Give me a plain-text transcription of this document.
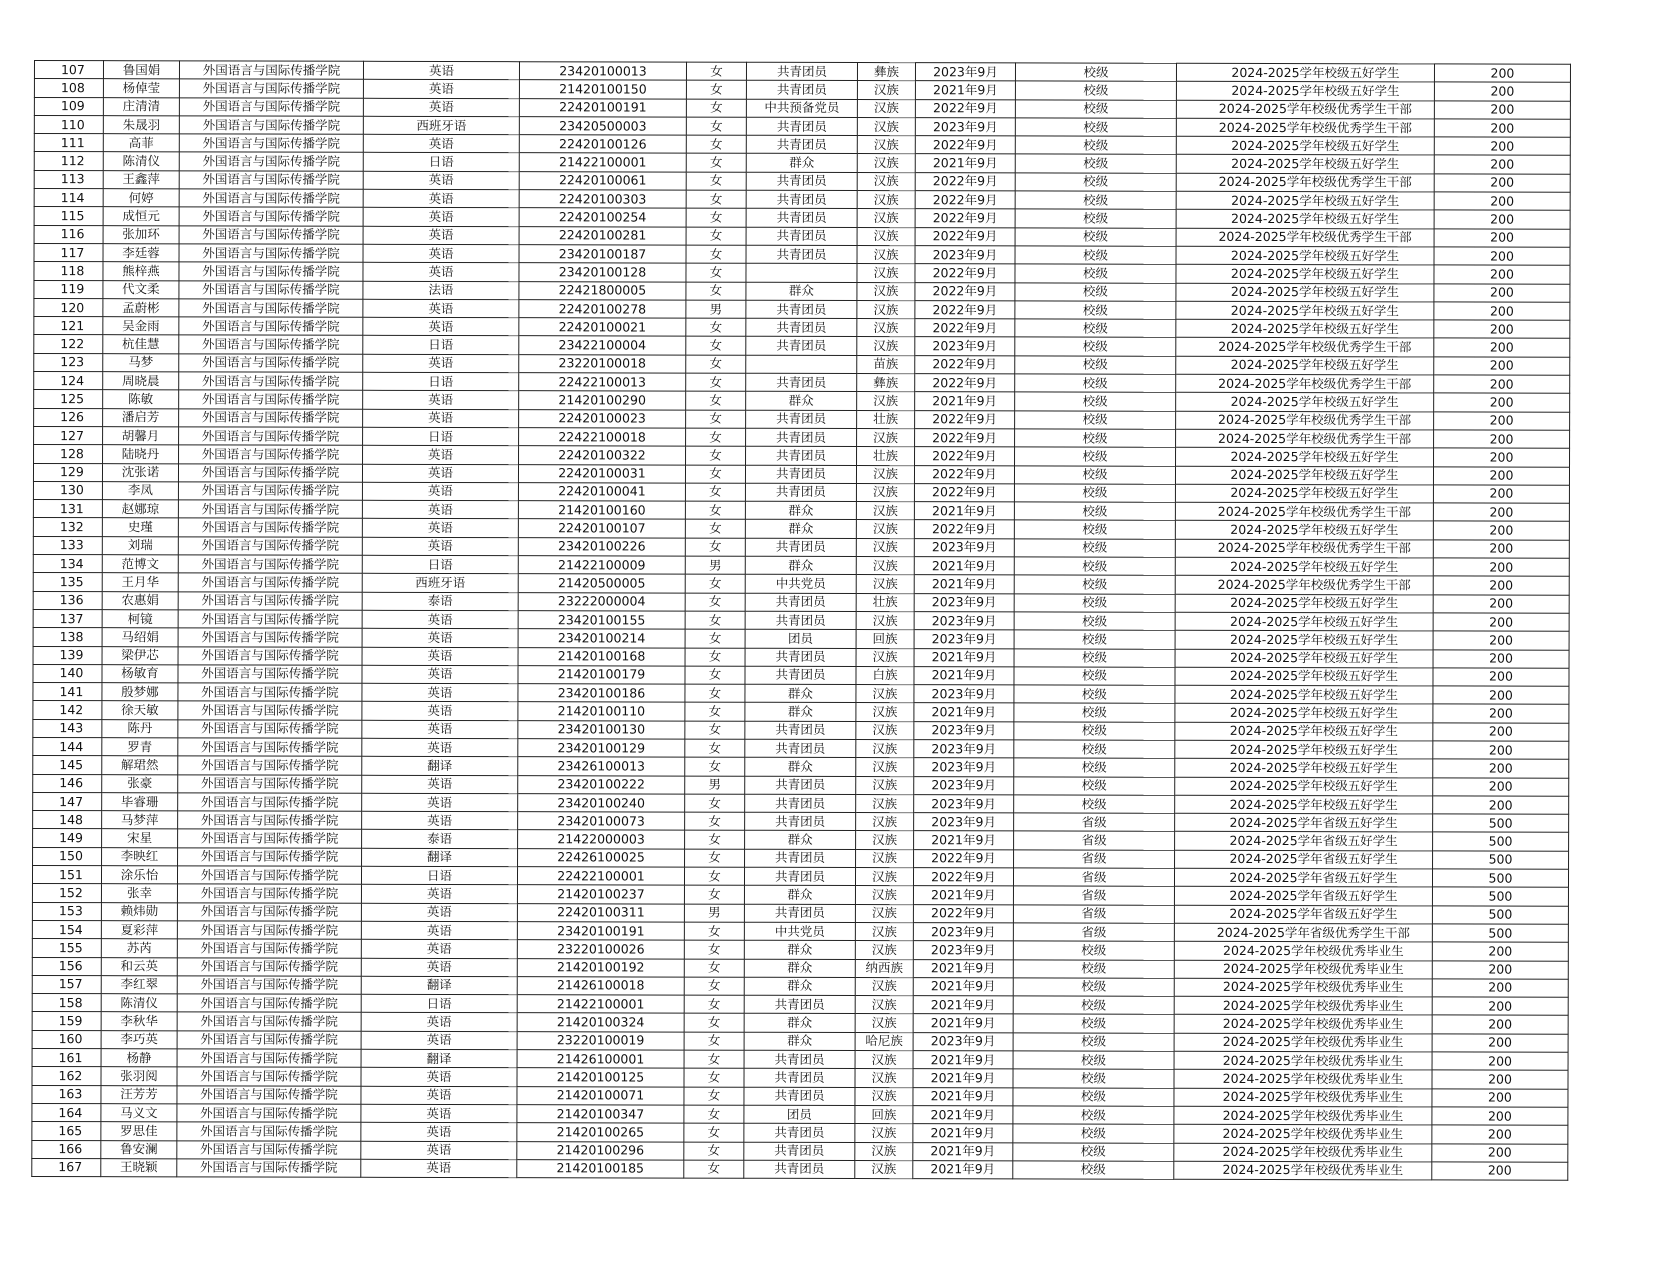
107	鲁国娟	外国语言与国际传播学院	英语	23420100013	女	共青团员	彝族	2023年9月	校级	2024-2025学年校级五好学生	200
108	杨倬莹	外国语言与国际传播学院	英语	21420100150	女	共青团员	汉族	2021年9月	校级	2024-2025学年校级五好学生	200
109	庄清清	外国语言与国际传播学院	英语	22420100191	女	中共预备党员	汉族	2022年9月	校级	2024-2025学年校级优秀学生干部	200
110	朱晟羽	外国语言与国际传播学院	西班牙语	23420500003	女	共青团员	汉族	2023年9月	校级	2024-2025学年校级优秀学生干部	200
111	高菲	外国语言与国际传播学院	英语	22420100126	女	共青团员	汉族	2022年9月	校级	2024-2025学年校级五好学生	200
112	陈清仪	外国语言与国际传播学院	日语	21422100001	女	群众	汉族	2021年9月	校级	2024-2025学年校级五好学生	200
113	王鑫萍	外国语言与国际传播学院	英语	22420100061	女	共青团员	汉族	2022年9月	校级	2024-2025学年校级优秀学生干部	200
114	何婷	外国语言与国际传播学院	英语	22420100303	女	共青团员	汉族	2022年9月	校级	2024-2025学年校级五好学生	200
115	成恒元	外国语言与国际传播学院	英语	22420100254	女	共青团员	汉族	2022年9月	校级	2024-2025学年校级五好学生	200
116	张加环	外国语言与国际传播学院	英语	22420100281	女	共青团员	汉族	2022年9月	校级	2024-2025学年校级优秀学生干部	200
117	李廷蓉	外国语言与国际传播学院	英语	23420100187	女	共青团员	汉族	2023年9月	校级	2024-2025学年校级五好学生	200
118	熊梓燕	外国语言与国际传播学院	英语	23420100128	女		汉族	2022年9月	校级	2024-2025学年校级五好学生	200
119	代文柔	外国语言与国际传播学院	法语	22421800005	女	群众	汉族	2022年9月	校级	2024-2025学年校级五好学生	200
120	孟蔚彬	外国语言与国际传播学院	英语	22420100278	男	共青团员	汉族	2022年9月	校级	2024-2025学年校级五好学生	200
121	吴金雨	外国语言与国际传播学院	英语	22420100021	女	共青团员	汉族	2022年9月	校级	2024-2025学年校级五好学生	200
122	杭佳慧	外国语言与国际传播学院	日语	23422100004	女	共青团员	汉族	2023年9月	校级	2024-2025学年校级优秀学生干部	200
123	马梦	外国语言与国际传播学院	英语	23220100018	女		苗族	2022年9月	校级	2024-2025学年校级五好学生	200
124	周晓晨	外国语言与国际传播学院	日语	22422100013	女	共青团员	彝族	2022年9月	校级	2024-2025学年校级优秀学生干部	200
125	陈敏	外国语言与国际传播学院	英语	21420100290	女	群众	汉族	2021年9月	校级	2024-2025学年校级五好学生	200
126	潘启芳	外国语言与国际传播学院	英语	22420100023	女	共青团员	壮族	2022年9月	校级	2024-2025学年校级优秀学生干部	200
127	胡馨月	外国语言与国际传播学院	日语	22422100018	女	共青团员	汉族	2022年9月	校级	2024-2025学年校级优秀学生干部	200
128	陆晓丹	外国语言与国际传播学院	英语	22420100322	女	共青团员	壮族	2022年9月	校级	2024-2025学年校级五好学生	200
129	沈张诺	外国语言与国际传播学院	英语	22420100031	女	共青团员	汉族	2022年9月	校级	2024-2025学年校级五好学生	200
130	李凤	外国语言与国际传播学院	英语	22420100041	女	共青团员	汉族	2022年9月	校级	2024-2025学年校级五好学生	200
131	赵娜琼	外国语言与国际传播学院	英语	21420100160	女	群众	汉族	2021年9月	校级	2024-2025学年校级优秀学生干部	200
132	史瑾	外国语言与国际传播学院	英语	22420100107	女	群众	汉族	2022年9月	校级	2024-2025学年校级五好学生	200
133	刘瑞	外国语言与国际传播学院	英语	23420100226	女	共青团员	汉族	2023年9月	校级	2024-2025学年校级优秀学生干部	200
134	范博文	外国语言与国际传播学院	日语	21422100009	男	群众	汉族	2021年9月	校级	2024-2025学年校级五好学生	200
135	王月华	外国语言与国际传播学院	西班牙语	21420500005	女	中共党员	汉族	2021年9月	校级	2024-2025学年校级优秀学生干部	200
136	农惠娟	外国语言与国际传播学院	泰语	23222000004	女	共青团员	壮族	2023年9月	校级	2024-2025学年校级五好学生	200
137	柯镜	外国语言与国际传播学院	英语	23420100155	女	共青团员	汉族	2023年9月	校级	2024-2025学年校级五好学生	200
138	马绍娟	外国语言与国际传播学院	英语	23420100214	女	团员	回族	2023年9月	校级	2024-2025学年校级五好学生	200
139	梁伊芯	外国语言与国际传播学院	英语	21420100168	女	共青团员	汉族	2021年9月	校级	2024-2025学年校级五好学生	200
140	杨敏育	外国语言与国际传播学院	英语	21420100179	女	共青团员	白族	2021年9月	校级	2024-2025学年校级五好学生	200
141	殷梦娜	外国语言与国际传播学院	英语	23420100186	女	群众	汉族	2023年9月	校级	2024-2025学年校级五好学生	200
142	徐天敏	外国语言与国际传播学院	英语	21420100110	女	群众	汉族	2021年9月	校级	2024-2025学年校级五好学生	200
143	陈丹	外国语言与国际传播学院	英语	23420100130	女	共青团员	汉族	2023年9月	校级	2024-2025学年校级五好学生	200
144	罗青	外国语言与国际传播学院	英语	23420100129	女	共青团员	汉族	2023年9月	校级	2024-2025学年校级五好学生	200
145	解珺然	外国语言与国际传播学院	翻译	23426100013	女	群众	汉族	2023年9月	校级	2024-2025学年校级五好学生	200
146	张豪	外国语言与国际传播学院	英语	23420100222	男	共青团员	汉族	2023年9月	校级	2024-2025学年校级五好学生	200
147	毕睿珊	外国语言与国际传播学院	英语	23420100240	女	共青团员	汉族	2023年9月	校级	2024-2025学年校级五好学生	200
148	马梦萍	外国语言与国际传播学院	英语	23420100073	女	共青团员	汉族	2023年9月	省级	2024-2025学年省级五好学生	500
149	宋星	外国语言与国际传播学院	泰语	21422000003	女	群众	汉族	2021年9月	省级	2024-2025学年省级五好学生	500
150	李映红	外国语言与国际传播学院	翻译	22426100025	女	共青团员	汉族	2022年9月	省级	2024-2025学年省级五好学生	500
151	涂乐怡	外国语言与国际传播学院	日语	22422100001	女	共青团员	汉族	2022年9月	省级	2024-2025学年省级五好学生	500
152	张幸	外国语言与国际传播学院	英语	21420100237	女	群众	汉族	2021年9月	省级	2024-2025学年省级五好学生	500
153	赖炜勋	外国语言与国际传播学院	英语	22420100311	男	共青团员	汉族	2022年9月	省级	2024-2025学年省级五好学生	500
154	夏彩萍	外国语言与国际传播学院	英语	23420100191	女	中共党员	汉族	2023年9月	省级	2024-2025学年省级优秀学生干部	500
155	苏芮	外国语言与国际传播学院	英语	23220100026	女	群众	汉族	2023年9月	校级	2024-2025学年校级优秀毕业生	200
156	和云英	外国语言与国际传播学院	英语	21420100192	女	群众	纳西族	2021年9月	校级	2024-2025学年校级优秀毕业生	200
157	李红翠	外国语言与国际传播学院	翻译	21426100018	女	群众	汉族	2021年9月	校级	2024-2025学年校级优秀毕业生	200
158	陈清仪	外国语言与国际传播学院	日语	21422100001	女	共青团员	汉族	2021年9月	校级	2024-2025学年校级优秀毕业生	200
159	李秋华	外国语言与国际传播学院	英语	21420100324	女	群众	汉族	2021年9月	校级	2024-2025学年校级优秀毕业生	200
160	李巧英	外国语言与国际传播学院	英语	23220100019	女	群众	哈尼族	2023年9月	校级	2024-2025学年校级优秀毕业生	200
161	杨静	外国语言与国际传播学院	翻译	21426100001	女	共青团员	汉族	2021年9月	校级	2024-2025学年校级优秀毕业生	200
162	张羽阅	外国语言与国际传播学院	英语	21420100125	女	共青团员	汉族	2021年9月	校级	2024-2025学年校级优秀毕业生	200
163	汪芳芳	外国语言与国际传播学院	英语	21420100071	女	共青团员	汉族	2021年9月	校级	2024-2025学年校级优秀毕业生	200
164	马义文	外国语言与国际传播学院	英语	21420100347	女	团员	回族	2021年9月	校级	2024-2025学年校级优秀毕业生	200
165	罗思佳	外国语言与国际传播学院	英语	21420100265	女	共青团员	汉族	2021年9月	校级	2024-2025学年校级优秀毕业生	200
166	鲁安澜	外国语言与国际传播学院	英语	21420100296	女	共青团员	汉族	2021年9月	校级	2024-2025学年校级优秀毕业生	200
167	王晓颖	外国语言与国际传播学院	英语	21420100185	女	共青团员	汉族	2021年9月	校级	2024-2025学年校级优秀毕业生	200
